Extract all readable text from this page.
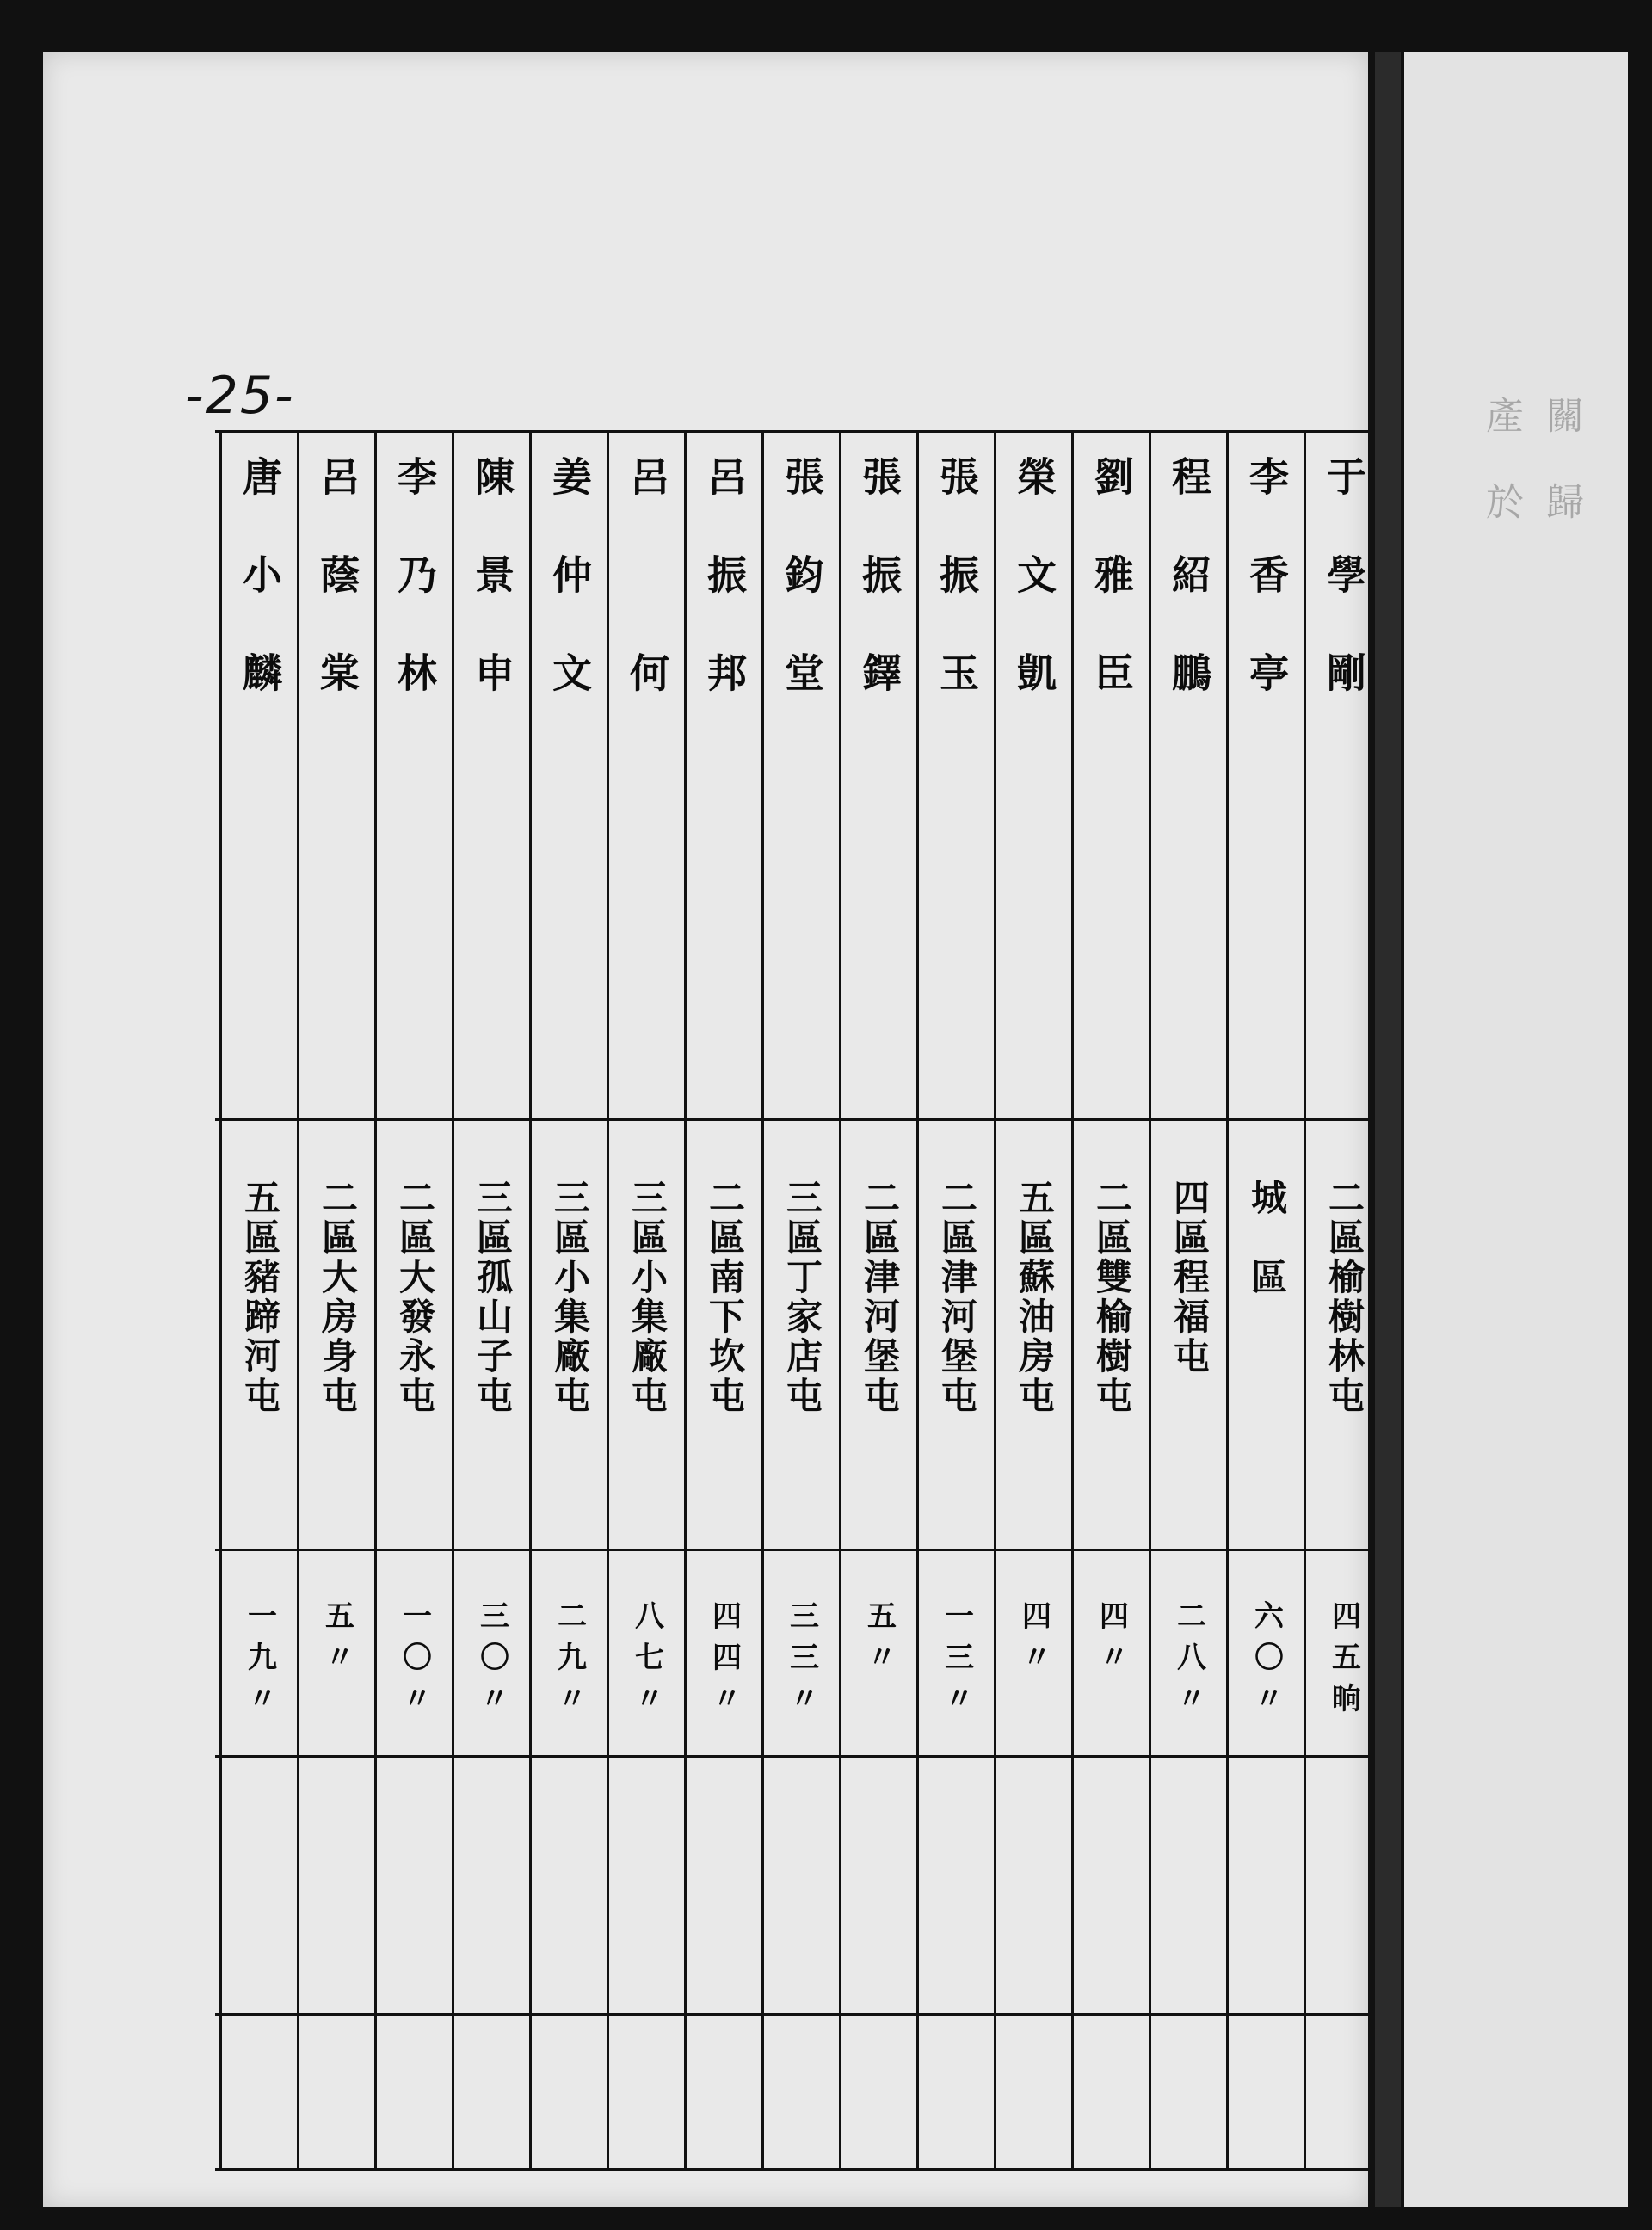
-25-
于學剛
二區榆樹林屯
四五晌
李香亭
城　區
六〇〃
程紹鵬
四區程福屯
二八〃
劉雅臣
二區雙榆樹屯
四〃
榮文凱
五區蘇油房屯
四〃
張振玉
二區津河堡屯
一三〃
張振鐸
二區津河堡屯
五〃
張鈞堂
三區丁家店屯
三三〃
呂振邦
二區南下坎屯
四四〃
呂　何
三區小集廠屯
八七〃
姜仲文
三區小集廠屯
二九〃
陳景申
三區孤山子屯
三〇〃
李乃林
二區大發永屯
一〇〃
呂蔭棠
二區大房身屯
五〃
唐小麟
五區豬蹄河屯
一九〃
關
歸
產
於
